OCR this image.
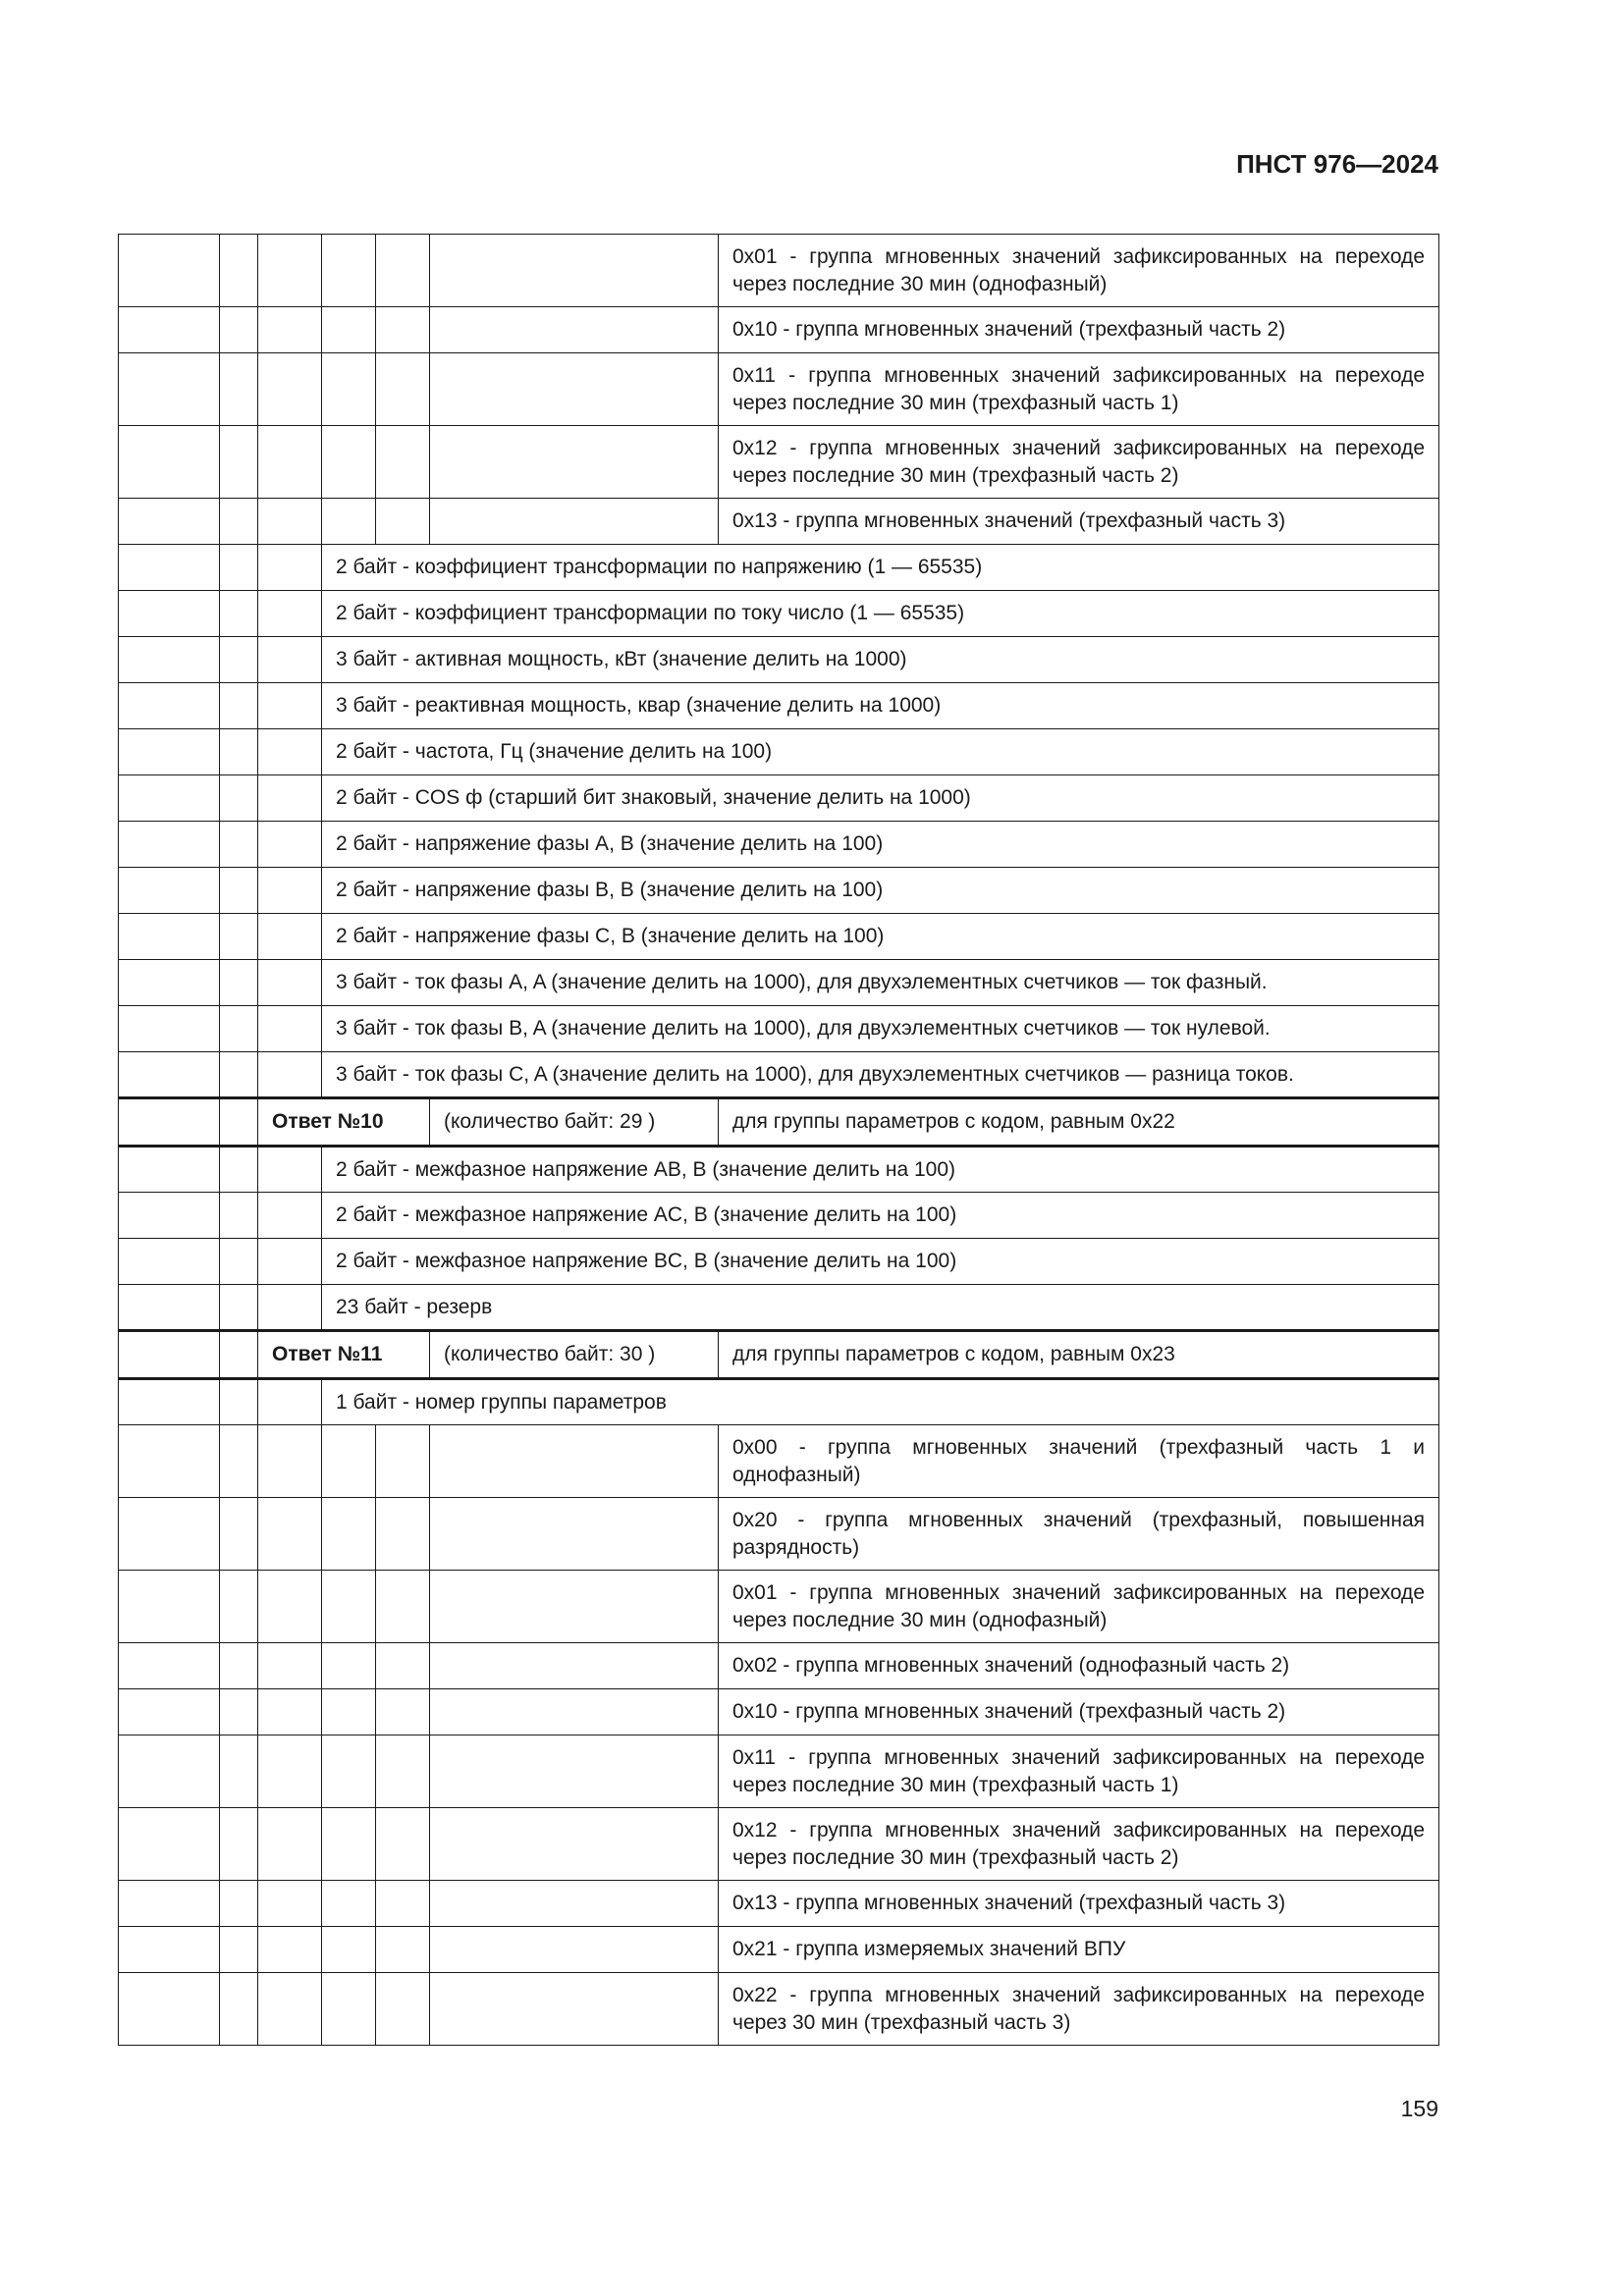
ПНСТ 976—2024
						0x01 - группа мгновенных значений зафиксированных на переходе через последние 30 мин (однофазный)
						0x10 - группа мгновенных значений (трехфазный часть 2)
						0x11 - группа мгновенных значений зафиксированных на переходе через последние 30 мин (трехфазный часть 1)
						0x12 - группа мгновенных значений зафиксированных на переходе через последние 30 мин (трехфазный часть 2)
						0x13 - группа мгновенных значений (трехфазный часть 3)
			2 байт - коэффициент трансформации по напряжению (1 — 65535)			
			2 байт - коэффициент трансформации по току число (1 — 65535)			
			3 байт - активная мощность, кВт (значение делить на 1000)			
			3 байт - реактивная мощность, квар (значение делить на 1000)			
			2 байт - частота, Гц (значение делить на 100)			
			2 байт - COS ф (старший бит знаковый, значение делить на 1000)			
			2 байт - напряжение фазы A, B (значение делить на 100)			
			2 байт - напряжение фазы B, B (значение делить на 100)			
			2 байт - напряжение фазы C, B (значение делить на 100)			
			3 байт - ток фазы A, A (значение делить на 1000), для двухэлементных счетчиков — ток фазный.			
			3 байт - ток фазы B, A (значение делить на 1000), для двухэлементных счетчиков — ток нулевой.			
			3 байт - ток фазы C, A (значение делить на 1000), для двухэлементных счетчиков — разница токов.			
		Ответ №10			(количество байт: 29 )	для группы параметров с кодом, равным 0x22
			2 байт - межфазное напряжение AB, B (значение делить на 100)			
			2 байт - межфазное напряжение AC, B (значение делить на 100)			
			2 байт - межфазное напряжение BC, B (значение делить на 100)			
			23 байт - резерв			
		Ответ №11			(количество байт: 30 )	для группы параметров с кодом, равным 0x23
			1 байт - номер группы параметров			
						0x00 - группа мгновенных значений (трехфазный часть 1 и однофазный)
						0x20 - группа мгновенных значений (трехфазный, повышенная разрядность)
						0x01 - группа мгновенных значений зафиксированных на переходе через последние 30 мин (однофазный)
						0x02 - группа мгновенных значений (однофазный часть 2)
						0x10 - группа мгновенных значений (трехфазный часть 2)
						0x11 - группа мгновенных значений зафиксированных на переходе через последние 30 мин (трехфазный часть 1)
						0x12 - группа мгновенных значений зафиксированных на переходе через последние 30 мин (трехфазный часть 2)
						0x13 - группа мгновенных значений (трехфазный часть 3)
						0x21 - группа измеряемых значений ВПУ
						0x22 - группа мгновенных значений зафиксированных на переходе через 30 мин (трехфазный часть 3)
159
